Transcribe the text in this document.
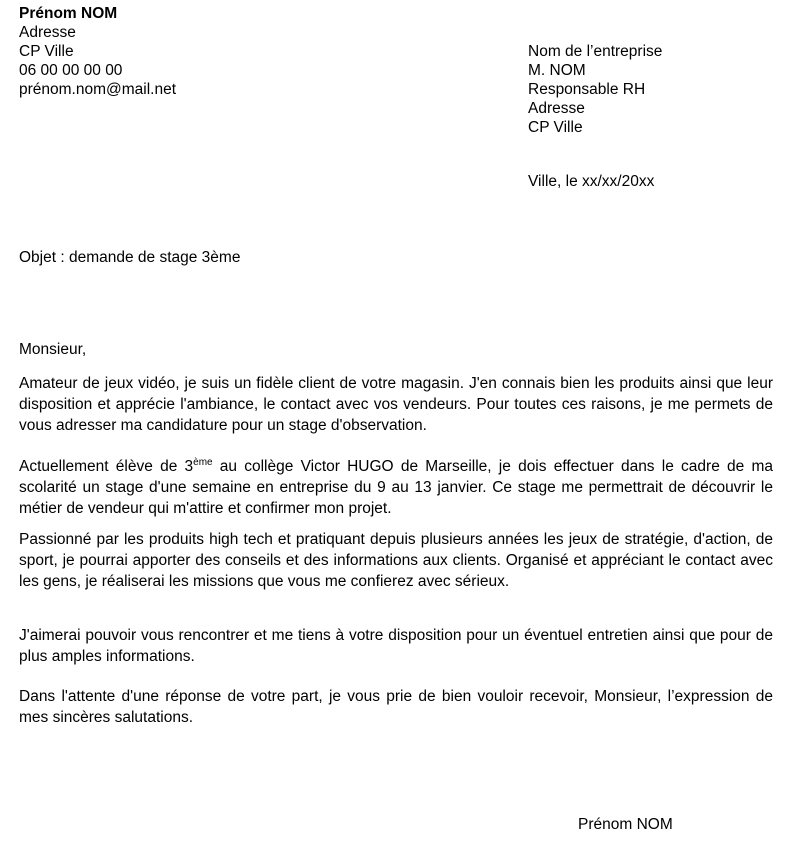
Prénom NOM
Adresse
CP Ville
06 00 00 00 00
prénom.nom@mail.net
Nom de l’entreprise
M. NOM
Responsable RH
Adresse
CP Ville
Ville, le xx/xx/20xx
Objet : demande de stage 3ème
Monsieur,

Amateur de jeux vidéo, je suis un fidèle client de votre magasin. J'en connais bien les produits ainsi que leur disposition et apprécie l'ambiance, le contact avec vos vendeurs. Pour toutes ces raisons, je me permets de vous adresser ma candidature pour un stage d'observation.

Actuellement élève de 3ème au collège Victor HUGO de Marseille, je dois effectuer dans le cadre de ma scolarité un stage d'une semaine en entreprise du 9 au 13 janvier. Ce stage me permettrait de découvrir le métier de vendeur qui m'attire et confirmer mon projet.

Passionné par les produits high tech et pratiquant depuis plusieurs années les jeux de stratégie, d'action, de sport, je pourrai apporter des conseils et des informations aux clients. Organisé et appréciant le contact avec les gens, je réaliserai les missions que vous me confierez avec sérieux.

J'aimerai pouvoir vous rencontrer et me tiens à votre disposition pour un éventuel entretien ainsi que pour de plus amples informations.

Dans l'attente d'une réponse de votre part, je vous prie de bien vouloir recevoir, Monsieur, l’expression de mes sincères salutations.

Prénom NOM
